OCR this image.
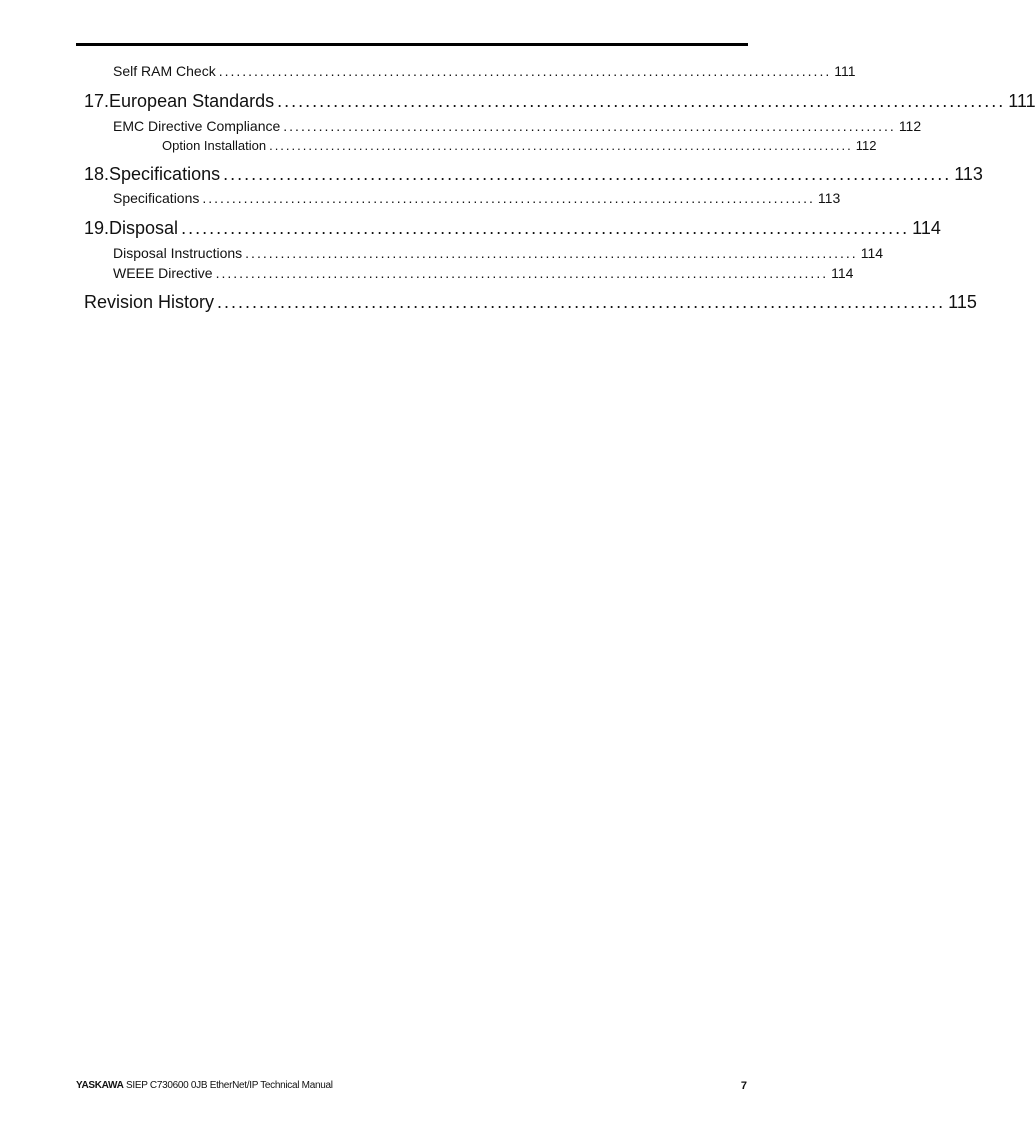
Self RAM Check ........................................................................................................ 111
17. European Standards ........................................................................................................ 111
EMC Directive Compliance ........................................................................................................ 112
Option Installation ........................................................................................................ 112
18. Specifications ........................................................................................................ 113
Specifications ........................................................................................................ 113
19. Disposal ........................................................................................................ 114
Disposal Instructions ........................................................................................................ 114
WEEE Directive ........................................................................................................ 114
Revision History ........................................................................................................ 115
YASKAWA SIEP C730600 0JB EtherNet/IP Technical Manual	7
